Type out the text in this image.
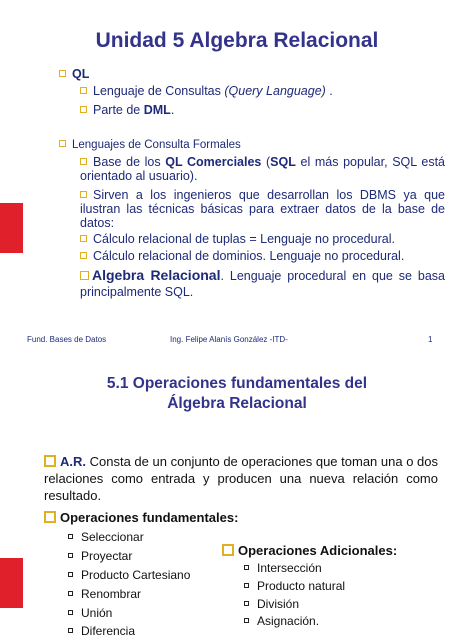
Unidad 5 Algebra Relacional
QL
Lenguaje de Consultas (Query Language) .
Parte de DML.
Lenguajes de Consulta Formales
Base de los QL Comerciales (SQL el más popular, SQL está orientado al usuario).
Sirven a los ingenieros que desarrollan los DBMS ya que ilustran las técnicas básicas para extraer datos de la base de datos:
Cálculo relacional de tuplas = Lenguaje no procedural.
Cálculo relacional de dominios. Lenguaje no procedural.
Algebra Relacional. Lenguaje procedural en que se basa principalmente SQL.
Fund. Bases de Datos	Ing. Felipe Alanís González -ITD-	1
5.1 Operaciones fundamentales del
Álgebra Relacional
A.R. Consta de un conjunto de operaciones que toman una o dos relaciones como entrada y producen una nueva relación como resultado.
Operaciones fundamentales:
Seleccionar
Proyectar
Producto Cartesiano
Renombrar
Unión
Diferencia
Operaciones Adicionales:
Intersección
Producto natural
División
Asignación.
